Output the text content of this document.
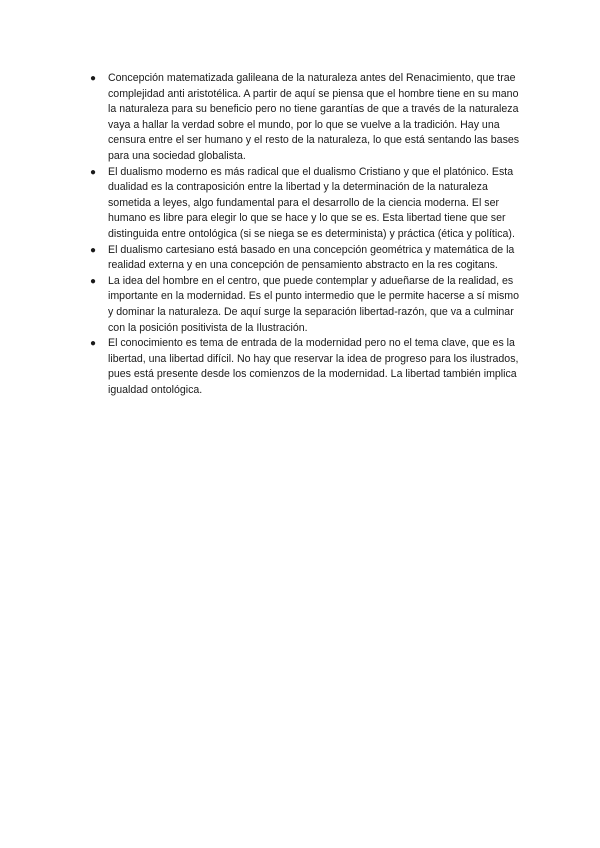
● Concepción matematizada galileana de la naturaleza antes del Renacimiento, que trae complejidad anti aristotélica. A partir de aquí se piensa que el hombre tiene en su mano la naturaleza para su beneficio pero no tiene garantías de que a través de la naturaleza vaya a hallar la verdad sobre el mundo, por lo que se vuelve a la tradición. Hay una censura entre el ser humano y el resto de la naturaleza, lo que está sentando las bases para una sociedad globalista.
● El dualismo moderno es más radical que el dualismo Cristiano y que el platónico. Esta dualidad es la contraposición entre la libertad y la determinación de la naturaleza sometida a leyes, algo fundamental para el desarrollo de la ciencia moderna. El ser humano es libre para elegir lo que se hace y lo que se es. Esta libertad tiene que ser distinguida entre ontológica (si se niega se es determinista) y práctica (ética y política).
● El dualismo cartesiano está basado en una concepción geométrica y matemática de la realidad externa y en una concepción de pensamiento abstracto en la res cogitans.
● La idea del hombre en el centro, que puede contemplar y adueñarse de la realidad, es importante en la modernidad. Es el punto intermedio que le permite hacerse a sí mismo y dominar la naturaleza. De aquí surge la separación libertad-razón, que va a culminar con la posición positivista de la Ilustración.
● El conocimiento es tema de entrada de la modernidad pero no el tema clave, que es la libertad, una libertad difícil. No hay que reservar la idea de progreso para los ilustrados, pues está presente desde los comienzos de la modernidad. La libertad también implica igualdad ontológica.
